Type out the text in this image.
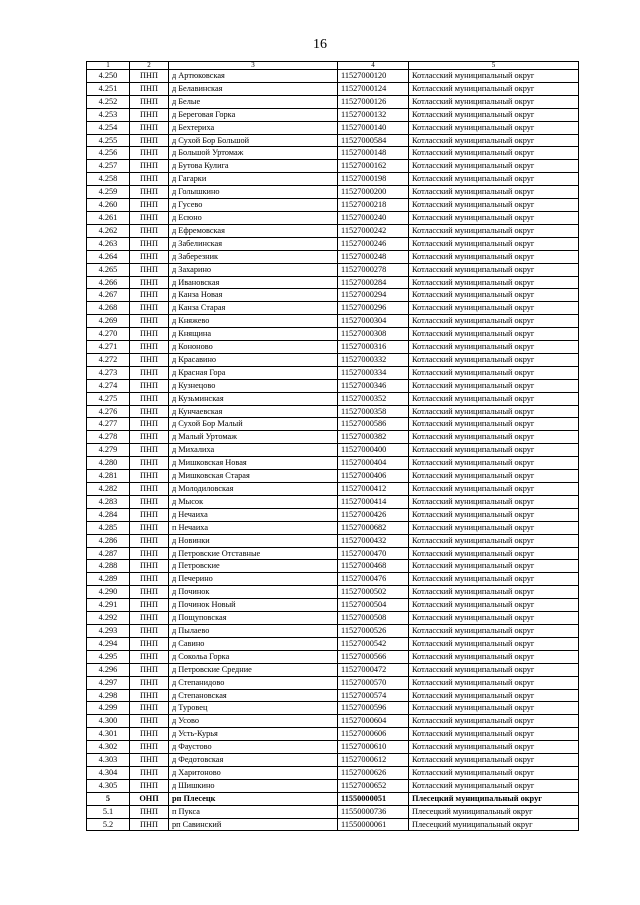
16
1	2	3	4	5
4.250	ПНП	д Артюковская	11527000120	Котласский муниципальный округ
4.251	ПНП	д Белавинская	11527000124	Котласский муниципальный округ
4.252	ПНП	д Белые	11527000126	Котласский муниципальный округ
4.253	ПНП	д Береговая Горка	11527000132	Котласский муниципальный округ
4.254	ПНП	д Бехтериха	11527000140	Котласский муниципальный округ
4.255	ПНП	д Сухой Бор Большой	11527000584	Котласский муниципальный округ
4.256	ПНП	д Большой Уртомаж	11527000148	Котласский муниципальный округ
4.257	ПНП	д Бутова Кулига	11527000162	Котласский муниципальный округ
4.258	ПНП	д Гагарки	11527000198	Котласский муниципальный округ
4.259	ПНП	д Голышкино	11527000200	Котласский муниципальный округ
4.260	ПНП	д Гусево	11527000218	Котласский муниципальный округ
4.261	ПНП	д Есюно	11527000240	Котласский муниципальный округ
4.262	ПНП	д Ефремовская	11527000242	Котласский муниципальный округ
4.263	ПНП	д Забелинская	11527000246	Котласский муниципальный округ
4.264	ПНП	д Заберезник	11527000248	Котласский муниципальный округ
4.265	ПНП	д Захарино	11527000278	Котласский муниципальный округ
4.266	ПНП	д Ивановская	11527000284	Котласский муниципальный округ
4.267	ПНП	д Канза Новая	11527000294	Котласский муниципальный округ
4.268	ПНП	д Канза Старая	11527000296	Котласский муниципальный округ
4.269	ПНП	д Княжево	11527000304	Котласский муниципальный округ
4.270	ПНП	д Княщина	11527000308	Котласский муниципальный округ
4.271	ПНП	д Кононово	11527000316	Котласский муниципальный округ
4.272	ПНП	д Красавино	11527000332	Котласский муниципальный округ
4.273	ПНП	д Красная Гора	11527000334	Котласский муниципальный округ
4.274	ПНП	д Кузнецово	11527000346	Котласский муниципальный округ
4.275	ПНП	д Кузьминская	11527000352	Котласский муниципальный округ
4.276	ПНП	д Кунчаевская	11527000358	Котласский муниципальный округ
4.277	ПНП	д Сухой Бор Малый	11527000586	Котласский муниципальный округ
4.278	ПНП	д Малый Уртомаж	11527000382	Котласский муниципальный округ
4.279	ПНП	д Михалиха	11527000400	Котласский муниципальный округ
4.280	ПНП	д Мишковская Новая	11527000404	Котласский муниципальный округ
4.281	ПНП	д Мишковская Старая	11527000406	Котласский муниципальный округ
4.282	ПНП	д Молодиловская	11527000412	Котласский муниципальный округ
4.283	ПНП	д Мысок	11527000414	Котласский муниципальный округ
4.284	ПНП	д Нечаиха	11527000426	Котласский муниципальный округ
4.285	ПНП	п Нечаиха	11527000682	Котласский муниципальный округ
4.286	ПНП	д Новинки	11527000432	Котласский муниципальный округ
4.287	ПНП	д Петровские Отставные	11527000470	Котласский муниципальный округ
4.288	ПНП	д Петровские	11527000468	Котласский муниципальный округ
4.289	ПНП	д Печерино	11527000476	Котласский муниципальный округ
4.290	ПНП	д Починок	11527000502	Котласский муниципальный округ
4.291	ПНП	д Починок Новый	11527000504	Котласский муниципальный округ
4.292	ПНП	д Пощуповская	11527000508	Котласский муниципальный округ
4.293	ПНП	д Пылаево	11527000526	Котласский муниципальный округ
4.294	ПНП	д Савино	11527000542	Котласский муниципальный округ
4.295	ПНП	д Сокольа Горка	11527000566	Котласский муниципальный округ
4.296	ПНП	д Петровские Средние	11527000472	Котласский муниципальный округ
4.297	ПНП	д Степанидово	11527000570	Котласский муниципальный округ
4.298	ПНП	д Степановская	11527000574	Котласский муниципальный округ
4.299	ПНП	д Туровец	11527000596	Котласский муниципальный округ
4.300	ПНП	д Усово	11527000604	Котласский муниципальный округ
4.301	ПНП	д Усть-Курья	11527000606	Котласский муниципальный округ
4.302	ПНП	д Фаустово	11527000610	Котласский муниципальный округ
4.303	ПНП	д Федотовская	11527000612	Котласский муниципальный округ
4.304	ПНП	д Харитоново	11527000626	Котласский муниципальный округ
4.305	ПНП	д Шишкино	11527000652	Котласский муниципальный округ
5	ОНП	рп Плесецк	11550000051	Плесецкий муниципальный округ
5.1	ПНП	п Пукса	11550000736	Плесецкий муниципальный округ
5.2	ПНП	рп Савинский	11550000061	Плесецкий муниципальный округ
